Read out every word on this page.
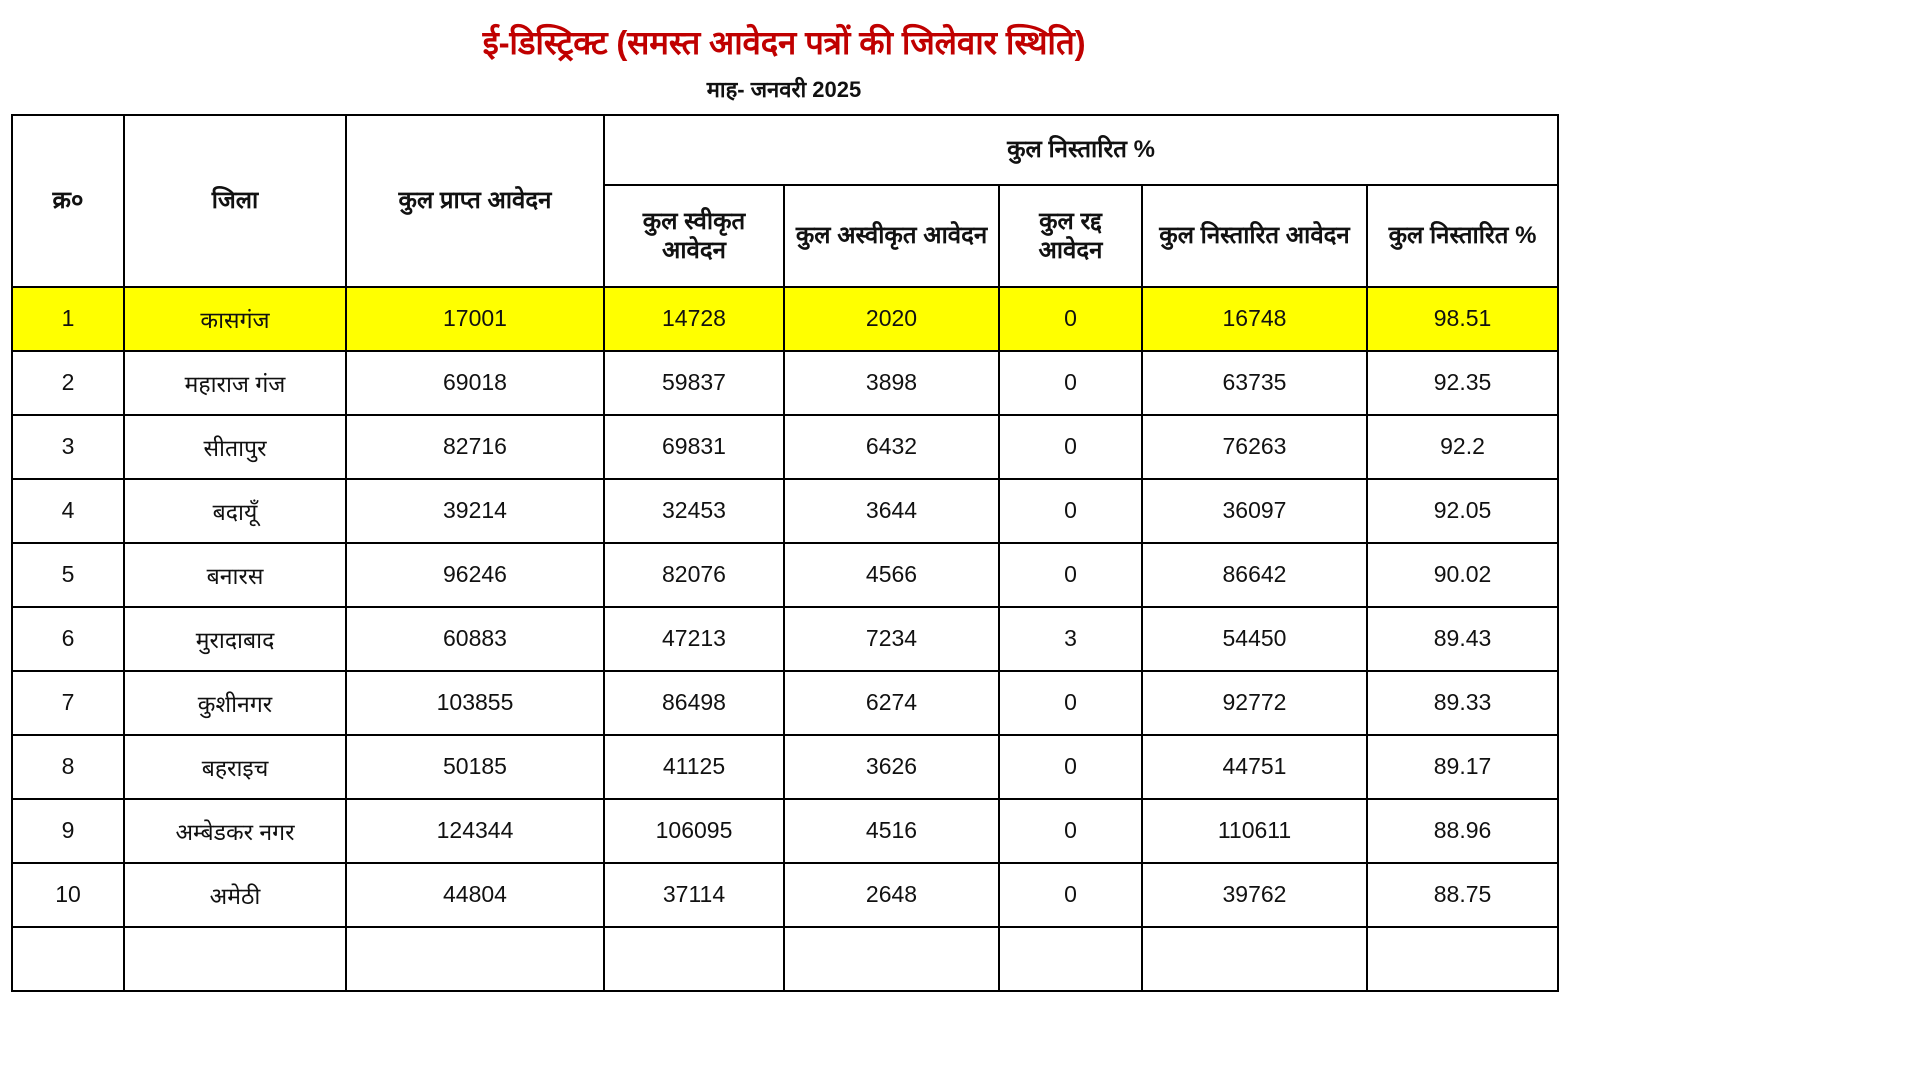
ई-डिस्ट्रिक्ट (समस्त आवेदन पत्रों की जिलेवार स्थिति)
माह- जनवरी 2025
क्र०	जिला	कुल प्राप्त आवेदन	कुल निस्तारित %				
			कुल स्वीकृत आवेदन	कुल अस्वीकृत आवेदन	कुल रद्द आवेदन	कुल निस्तारित आवेदन	कुल निस्तारित %
1	कासगंज	17001	14728	2020	0	16748	98.51
2	महाराज गंज	69018	59837	3898	0	63735	92.35
3	सीतापुर	82716	69831	6432	0	76263	92.2
4	बदायूँ	39214	32453	3644	0	36097	92.05
5	बनारस	96246	82076	4566	0	86642	90.02
6	मुरादाबाद	60883	47213	7234	3	54450	89.43
7	कुशीनगर	103855	86498	6274	0	92772	89.33
8	बहराइच	50185	41125	3626	0	44751	89.17
9	अम्बेडकर नगर	124344	106095	4516	0	110611	88.96
10	अमेठी	44804	37114	2648	0	39762	88.75
